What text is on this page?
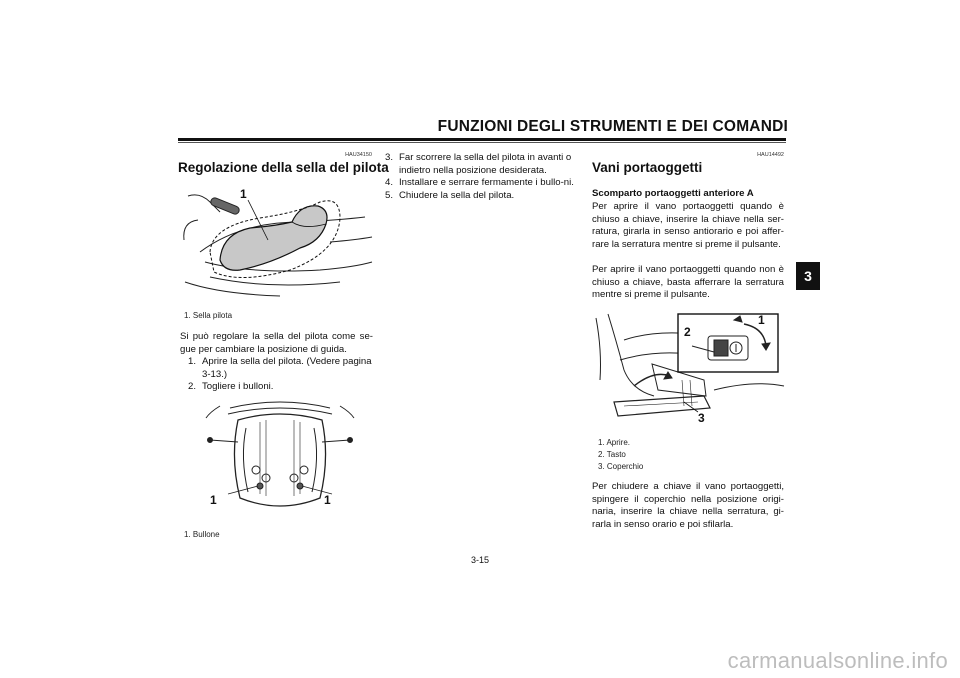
FUNZIONI DEGLI STRUMENTI E DEI COMANDI
3
HAU34150
Regolazione della sella del pilota
1
1. Sella pilota
Si può regolare la sella del pilota come se-gue per cambiare la posizione di guida.
1. Aprire la sella del pilota. (Vedere pagina 3-13.)
2. Togliere i bulloni.
1	1
1. Bullone
3. Far scorrere la sella del pilota in avanti o indietro nella posizione desiderata.
4. Installare e serrare fermamente i bullo-ni.
5. Chiudere la sella del pilota.
HAU14492
Vani portaoggetti
Scomparto portaoggetti anteriore A
Per aprire il vano portaoggetti quando è chiuso a chiave, inserire la chiave nella ser-ratura, girarla in senso antiorario e poi affer-rare la serratura mentre si preme il pulsante.
Per aprire il vano portaoggetti quando non è chiuso a chiave, basta afferrare la serratura mentre si preme il pulsante.
1
2
3
1. Aprire.
2. Tasto
3. Coperchio
Per chiudere a chiave il vano portaoggetti, spingere il coperchio nella posizione origi-naria, inserire la chiave nella serratura, gi-rarla in senso orario e poi sfilarla.
3-15
carmanualsonline.info
